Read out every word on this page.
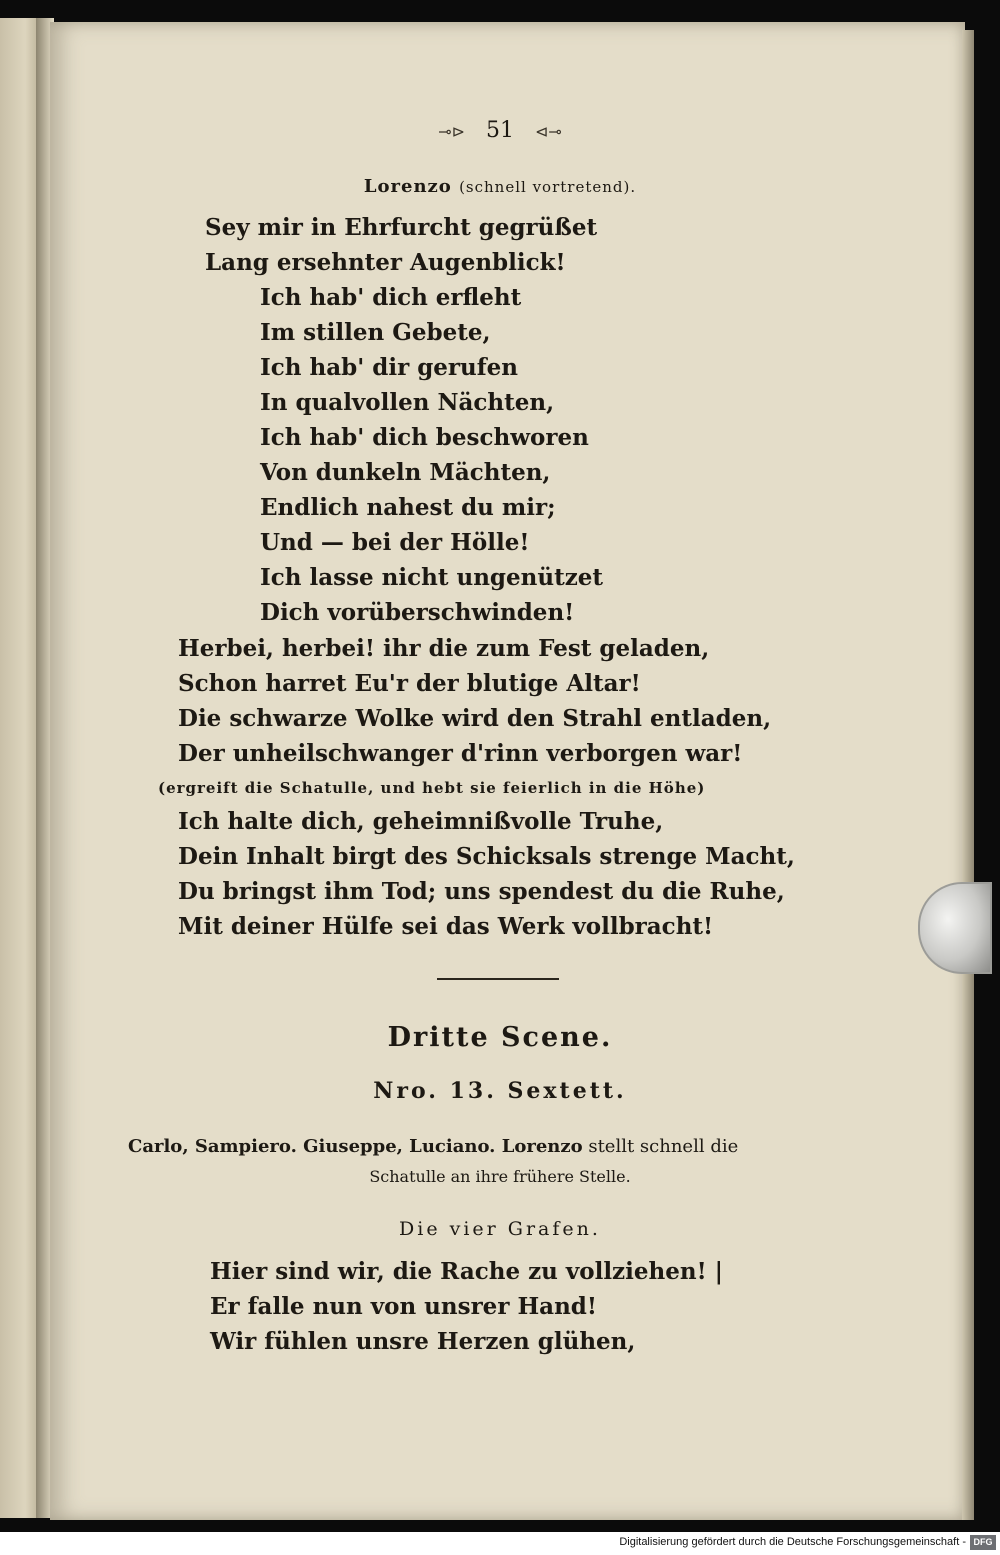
⊸⊳ 51 ⊲⊸
Lorenzo (schnell vortretend).
Sey mir in Ehrfurcht gegrüßet
Lang ersehnter Augenblick!
Ich hab' dich erfleht
Im stillen Gebete,
Ich hab' dir gerufen
In qualvollen Nächten,
Ich hab' dich beschworen
Von dunkeln Mächten,
Endlich nahest du mir;
Und — bei der Hölle!
Ich lasse nicht ungenützet
Dich vorüberschwinden!
Herbei, herbei! ihr die zum Fest geladen,
Schon harret Eu'r der blutige Altar!
Die schwarze Wolke wird den Strahl entladen,
Der unheilschwanger d'rinn verborgen war!
(ergreift die Schatulle, und hebt sie feierlich in die Höhe)
Ich halte dich, geheimnißvolle Truhe,
Dein Inhalt birgt des Schicksals strenge Macht,
Du bringst ihm Tod; uns spendest du die Ruhe,
Mit deiner Hülfe sei das Werk vollbracht!
Dritte Scene.
Nro. 13. Sextett.
Carlo, Sampiero. Giuseppe, Luciano. Lorenzo stellt schnell die
Schatulle an ihre frühere Stelle.
Die vier Grafen.
Hier sind wir, die Rache zu vollziehen! |
Er falle nun von unsrer Hand!
Wir fühlen unsre Herzen glühen,
Digitalisierung gefördert durch die Deutsche Forschungsgemeinschaft - DFG
